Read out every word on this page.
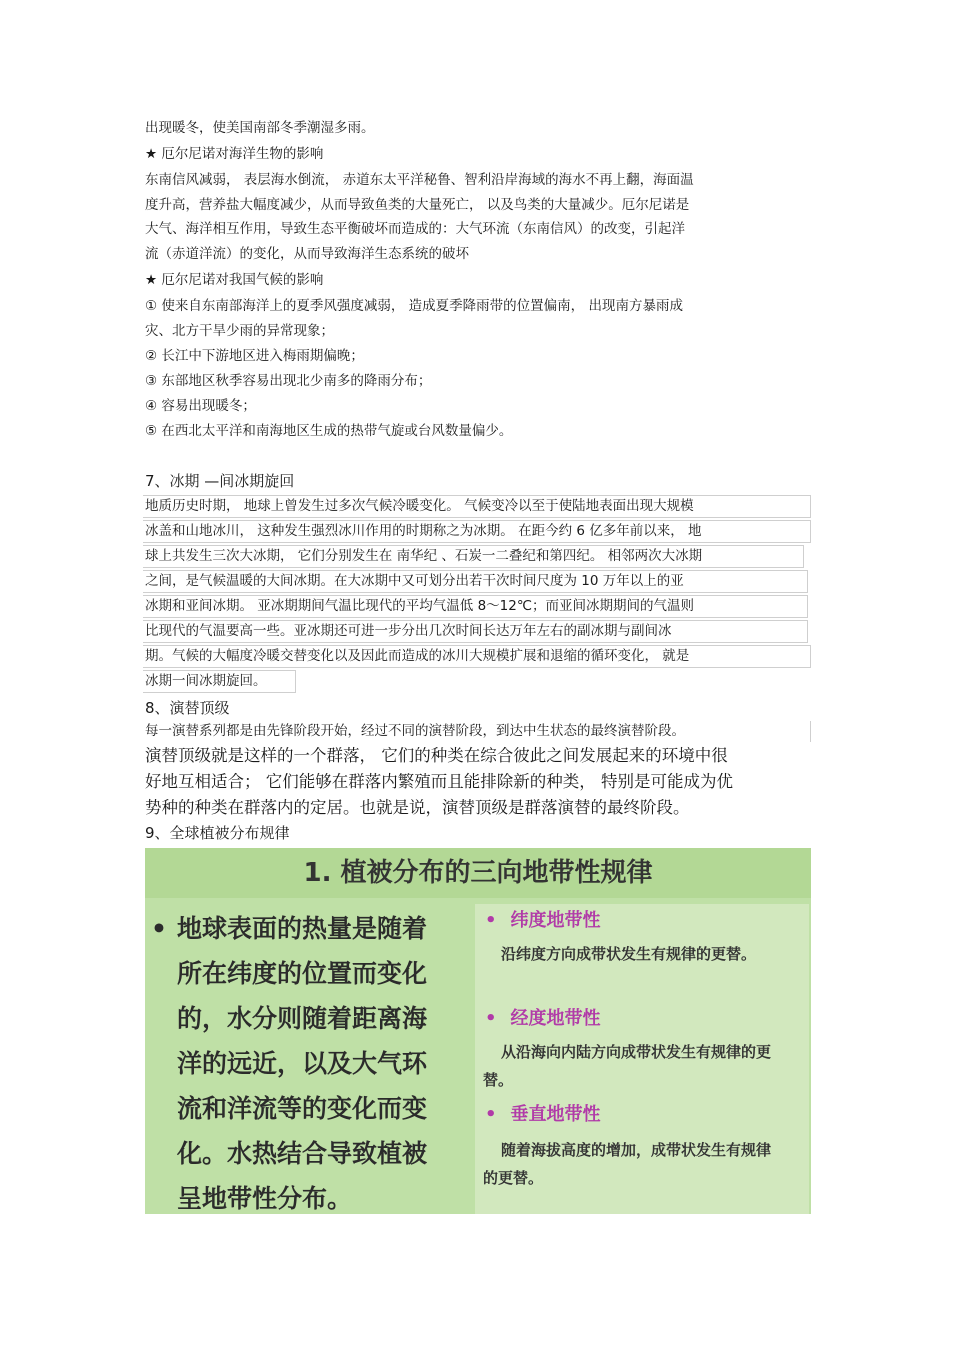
出现暖冬，使美国南部冬季潮湿多雨。
★ 厄尔尼诺对海洋生物的影响
东南信风减弱， 表层海水倒流， 赤道东太平洋秘鲁、智利沿岸海域的海水不再上翻，海面温
度升高，营养盐大幅度减少，从而导致鱼类的大量死亡， 以及鸟类的大量减少。厄尔尼诺是
大气、海洋相互作用，导致生态平衡破坏而造成的：大气环流（东南信风）的改变，引起洋
流（赤道洋流）的变化，从而导致海洋生态系统的破坏
★ 厄尔尼诺对我国气候的影响
① 使来自东南部海洋上的夏季风强度减弱， 造成夏季降雨带的位置偏南， 出现南方暴雨成
灾、北方干旱少雨的异常现象；
② 长江中下游地区进入梅雨期偏晚；
③ 东部地区秋季容易出现北少南多的降雨分布；
④ 容易出现暖冬；
⑤ 在西北太平洋和南海地区生成的热带气旋或台风数量偏少。
7、冰期 —间冰期旋回
地质历史时期， 地球上曾发生过多次气候冷暖变化。 气候变冷以至于使陆地表面出现大规模
冰盖和山地冰川， 这种发生强烈冰川作用的时期称之为冰期。 在距今约 6 亿多年前以来， 地
球上共发生三次大冰期， 它们分别发生在 南华纪 、石炭一二叠纪和第四纪。 相邻两次大冰期
之间，是气候温暖的大间冰期。在大冰期中又可划分出若干次时间尺度为 10 万年以上的亚
冰期和亚间冰期。 亚冰期期间气温比现代的平均气温低 8～12℃；而亚间冰期期间的气温则
比现代的气温要高一些。亚冰期还可进一步分出几次时间长达万年左右的副冰期与副间冰
期。气候的大幅度冷暖交替变化以及因此而造成的冰川大规模扩展和退缩的循环变化， 就是
冰期一间冰期旋回。
8、演替顶级
每一演替系列都是由先锋阶段开始，经过不同的演替阶段，到达中生状态的最终演替阶段。
演替顶级就是这样的一个群落， 它们的种类在综合彼此之间发展起来的环境中很
好地互相适合； 它们能够在群落内繁殖而且能排除新的种类， 特别是可能成为优
势种的种类在群落内的定居。也就是说，演替顶级是群落演替的最终阶段。
9、全球植被分布规律
1. 植被分布的三向地带性规律
• 地球表面的热量是随着
所在纬度的位置而变化
的，水分则随着距离海
洋的远近，以及大气环
流和洋流等的变化而变
化。水热结合导致植被
呈地带性分布。
• 纬度地带性
沿纬度方向成带状发生有规律的更替。
• 经度地带性
从沿海向内陆方向成带状发生有规律的更替。
• 垂直地带性
随着海拔高度的增加，成带状发生有规律的更替。
